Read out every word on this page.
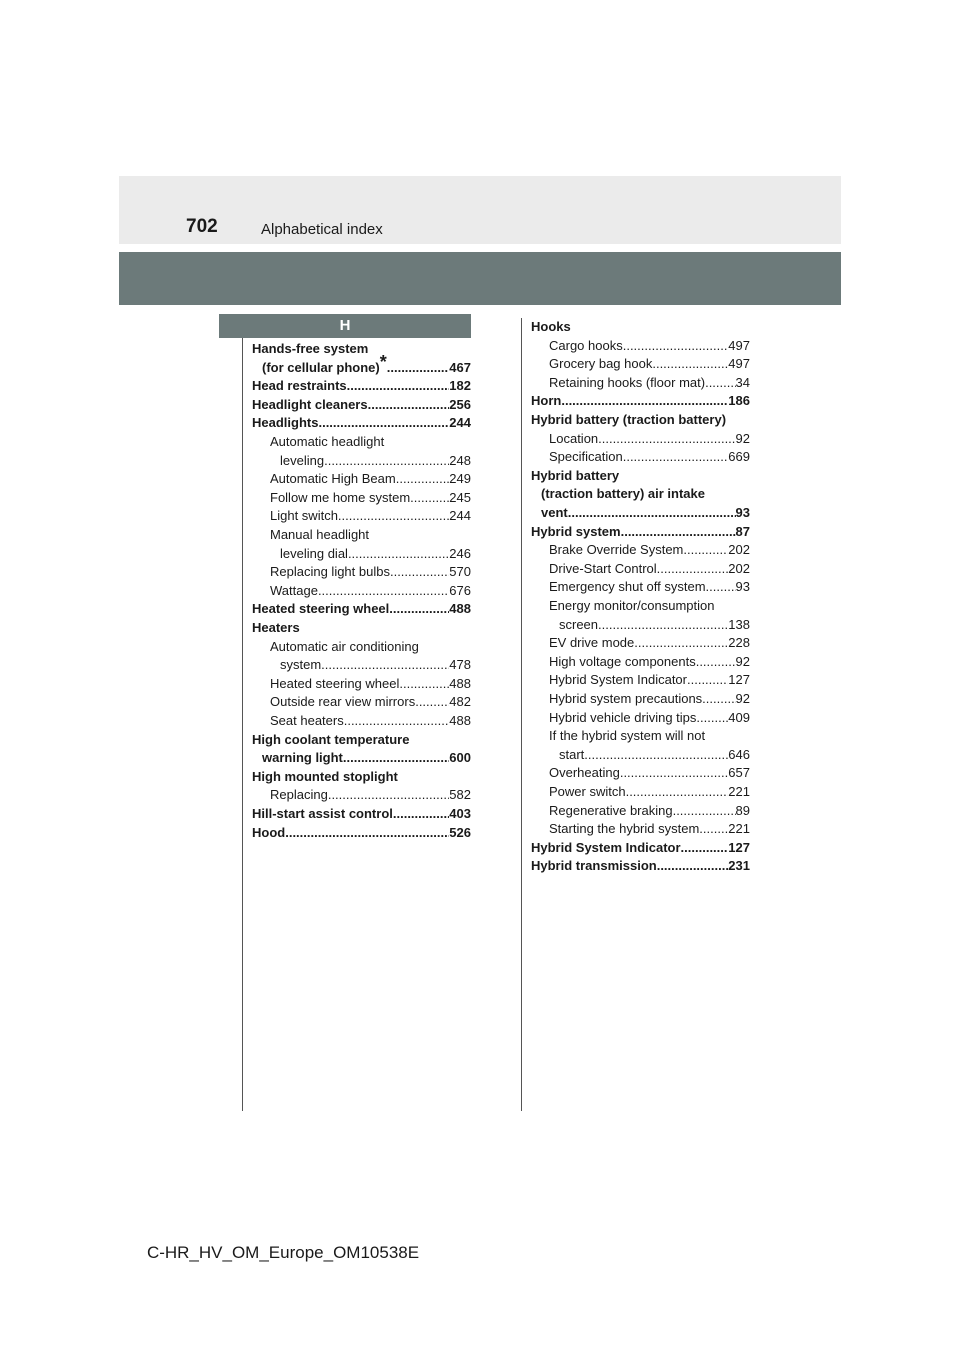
702	Alphabetical index
H
Hands-free system
(for cellular phone)* .....	467
Head restraints .....	182
Headlight cleaners .....	256
Headlights .....	244
Automatic headlight
leveling .....	248
Automatic High Beam .....	249
Follow me home system .....	245
Light switch .....	244
Manual headlight
leveling dial .....	246
Replacing light bulbs .....	570
Wattage .....	676
Heated steering wheel .....	488
Heaters
Automatic air conditioning
system .....	478
Heated steering wheel .....	488
Outside rear view mirrors .....	482
Seat heaters .....	488
High coolant temperature
warning light .....	600
High mounted stoplight
Replacing .....	582
Hill-start assist control .....	403
Hood .....	526
Hooks
Cargo hooks .....	497
Grocery bag hook .....	497
Retaining hooks (floor mat) ..... 34
Horn .....	186
Hybrid battery (traction battery)
Location .....	92
Specification .....	669
Hybrid battery
(traction battery) air intake
vent .....	93
Hybrid system .....	87
Brake Override System .....	202
Drive-Start Control .....	202
Emergency shut off system ..... 93
Energy monitor/consumption
screen .....	138
EV drive mode .....	228
High voltage components .....	92
Hybrid System Indicator .....	127
Hybrid system precautions .....	92
Hybrid vehicle driving tips ..... 409
If the hybrid system will not
start .....	646
Overheating .....	657
Power switch .....	221
Regenerative braking .....	89
Starting the hybrid system ..... 221
Hybrid System Indicator .....	127
Hybrid transmission .....	231
C-HR_HV_OM_Europe_OM10538E
